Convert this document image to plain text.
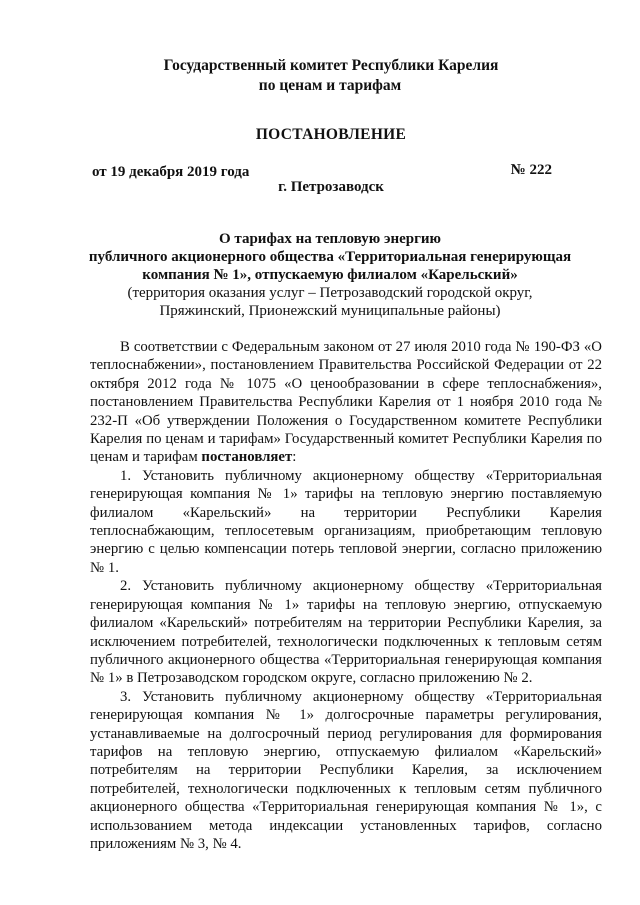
Государственный комитет Республики Карелия
по ценам и тарифам
ПОСТАНОВЛЕНИЕ
от 19 декабря 2019 года	№ 222
г. Петрозаводск
О тарифах на тепловую энергию
публичного акционерного общества «Территориальная генерирующая
компания № 1», отпускаемую филиалом «Карельский»
(территория оказания услуг – Петрозаводский городской округ,
Пряжинский, Прионежский муниципальные районы)

В соответствии с Федеральным законом от 27 июля 2010 года № 190-ФЗ «О теплоснабжении», постановлением Правительства Российской Федерации от 22 октября 2012 года № 1075 «О ценообразовании в сфере теплоснабжения», постановлением Правительства Республики Карелия от 1 ноября 2010 года № 232-П «Об утверждении Положения о Государственном комитете Республики Карелия по ценам и тарифам» Государственный комитет Республики Карелия по ценам и тарифам постановляет:

1. Установить публичному акционерному обществу «Территориальная генерирующая компания № 1» тарифы на тепловую энергию поставляемую филиалом «Карельский» на территории Республики Карелия теплоснабжающим, теплосетевым организациям, приобретающим тепловую энергию с целью компенсации потерь тепловой энергии, согласно приложению № 1.

2. Установить публичному акционерному обществу «Территориальная генерирующая компания № 1» тарифы на тепловую энергию, отпускаемую филиалом «Карельский» потребителям на территории Республики Карелия, за исключением потребителей, технологически подключенных к тепловым сетям публичного акционерного общества «Территориальная генерирующая компания № 1» в Петрозаводском городском округе, согласно приложению № 2.

3. Установить публичному акционерному обществу «Территориальная генерирующая компания № 1» долгосрочные параметры регулирования, устанавливаемые на долгосрочный период регулирования для формирования тарифов на тепловую энергию, отпускаемую филиалом «Карельский» потребителям на территории Республики Карелия, за исключением потребителей, технологически подключенных к тепловым сетям публичного акционерного общества «Территориальная генерирующая компания № 1», с использованием метода индексации установленных тарифов, согласно приложениям № 3, № 4.
